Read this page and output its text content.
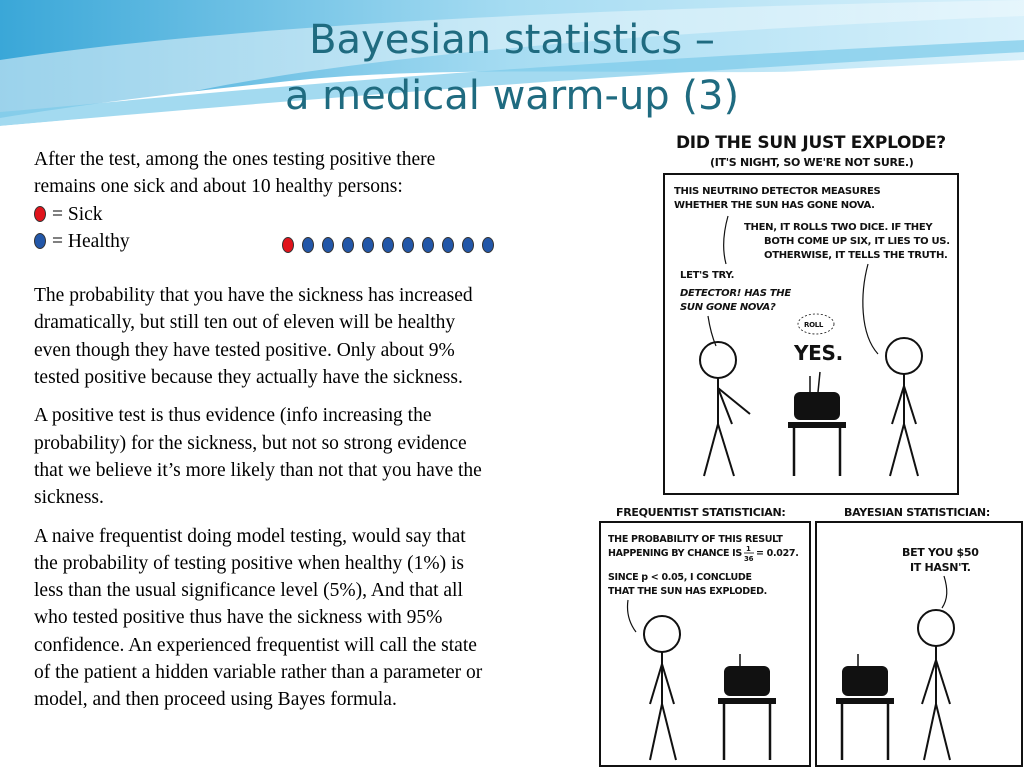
Bayesian statistics –
a medical warm-up (3)

After the test, among the ones testing positive there

remains one sick and about 10 healthy persons:

= Sick
= Healthy

The probability that you have the sickness has increased

dramatically, but still ten out of eleven will be healthy

even though they have tested positive. Only about 9%

tested positive because they actually have the sickness.

A positive test is thus evidence (info increasing the

probability) for the sickness, but not so strong evidence

that we believe it’s more likely than not that you have the

sickness.

A naive frequentist doing model testing, would say that

the probability of testing positive when healthy (1%) is

less than the usual significance level (5%), And that all

who tested positive thus have the sickness with 95%

confidence. An experienced frequentist will call the state

of the patient a hidden variable rather than a parameter or

model, and then proceed using Bayes formula.

DID THE SUN JUST EXPLODE?
(IT'S NIGHT, SO WE'RE NOT SURE.)
THIS NEUTRINO DETECTOR MEASURES
WHETHER THE SUN HAS GONE NOVA.
THEN, IT ROLLS TWO DICE. IF THEY
BOTH COME UP SIX, IT LIES TO US.
OTHERWISE, IT TELLS THE TRUTH.
LET'S TRY.
DETECTOR! HAS THE
SUN GONE NOVA?
ROLL
YES.
FREQUENTIST STATISTICIAN:	BAYESIAN STATISTICIAN:
THE PROBABILITY OF THIS RESULT
HAPPENING BY CHANCE IS 1
36 = 0.027.
SINCE p < 0.05, I CONCLUDE
THAT THE SUN HAS EXPLODED.
BET YOU $50
IT HASN'T.
